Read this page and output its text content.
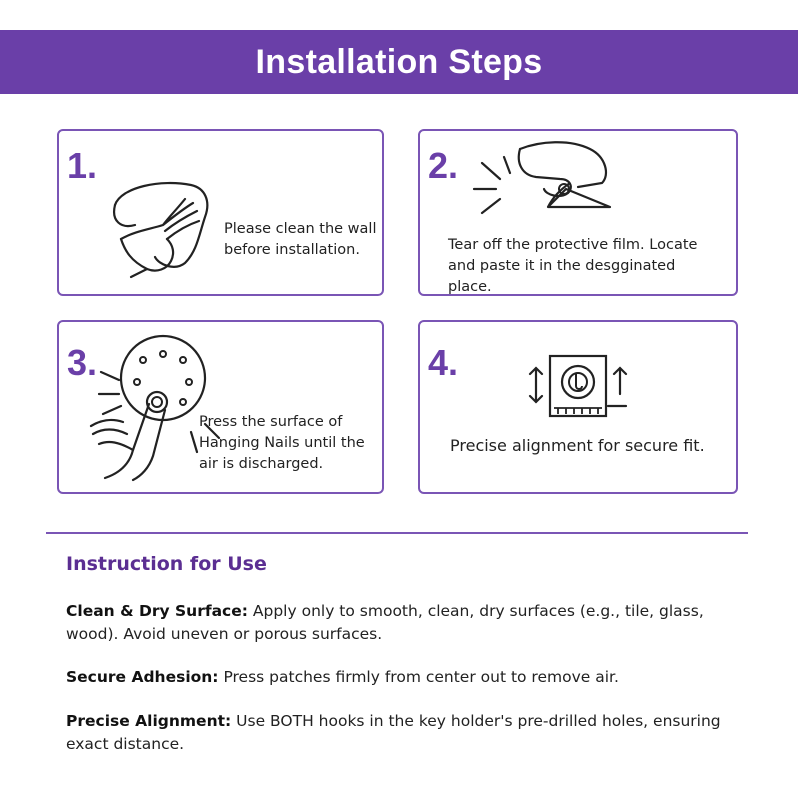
Installation Steps
1.
Please clean the wall before installation.
2.
Tear off the protective film. Locate and paste it in the desgginated place.
3.
Press the surface of Hanging Nails until the air is discharged.
4.
Precise alignment for secure fit.
Instruction for Use

Clean & Dry Surface: Apply only to smooth, clean, dry surfaces (e.g., tile, glass, wood). Avoid uneven or porous surfaces.

Secure Adhesion: Press patches firmly from center out to remove air.

Precise Alignment: Use BOTH hooks in the key holder's pre-drilled holes, ensuring exact distance.
